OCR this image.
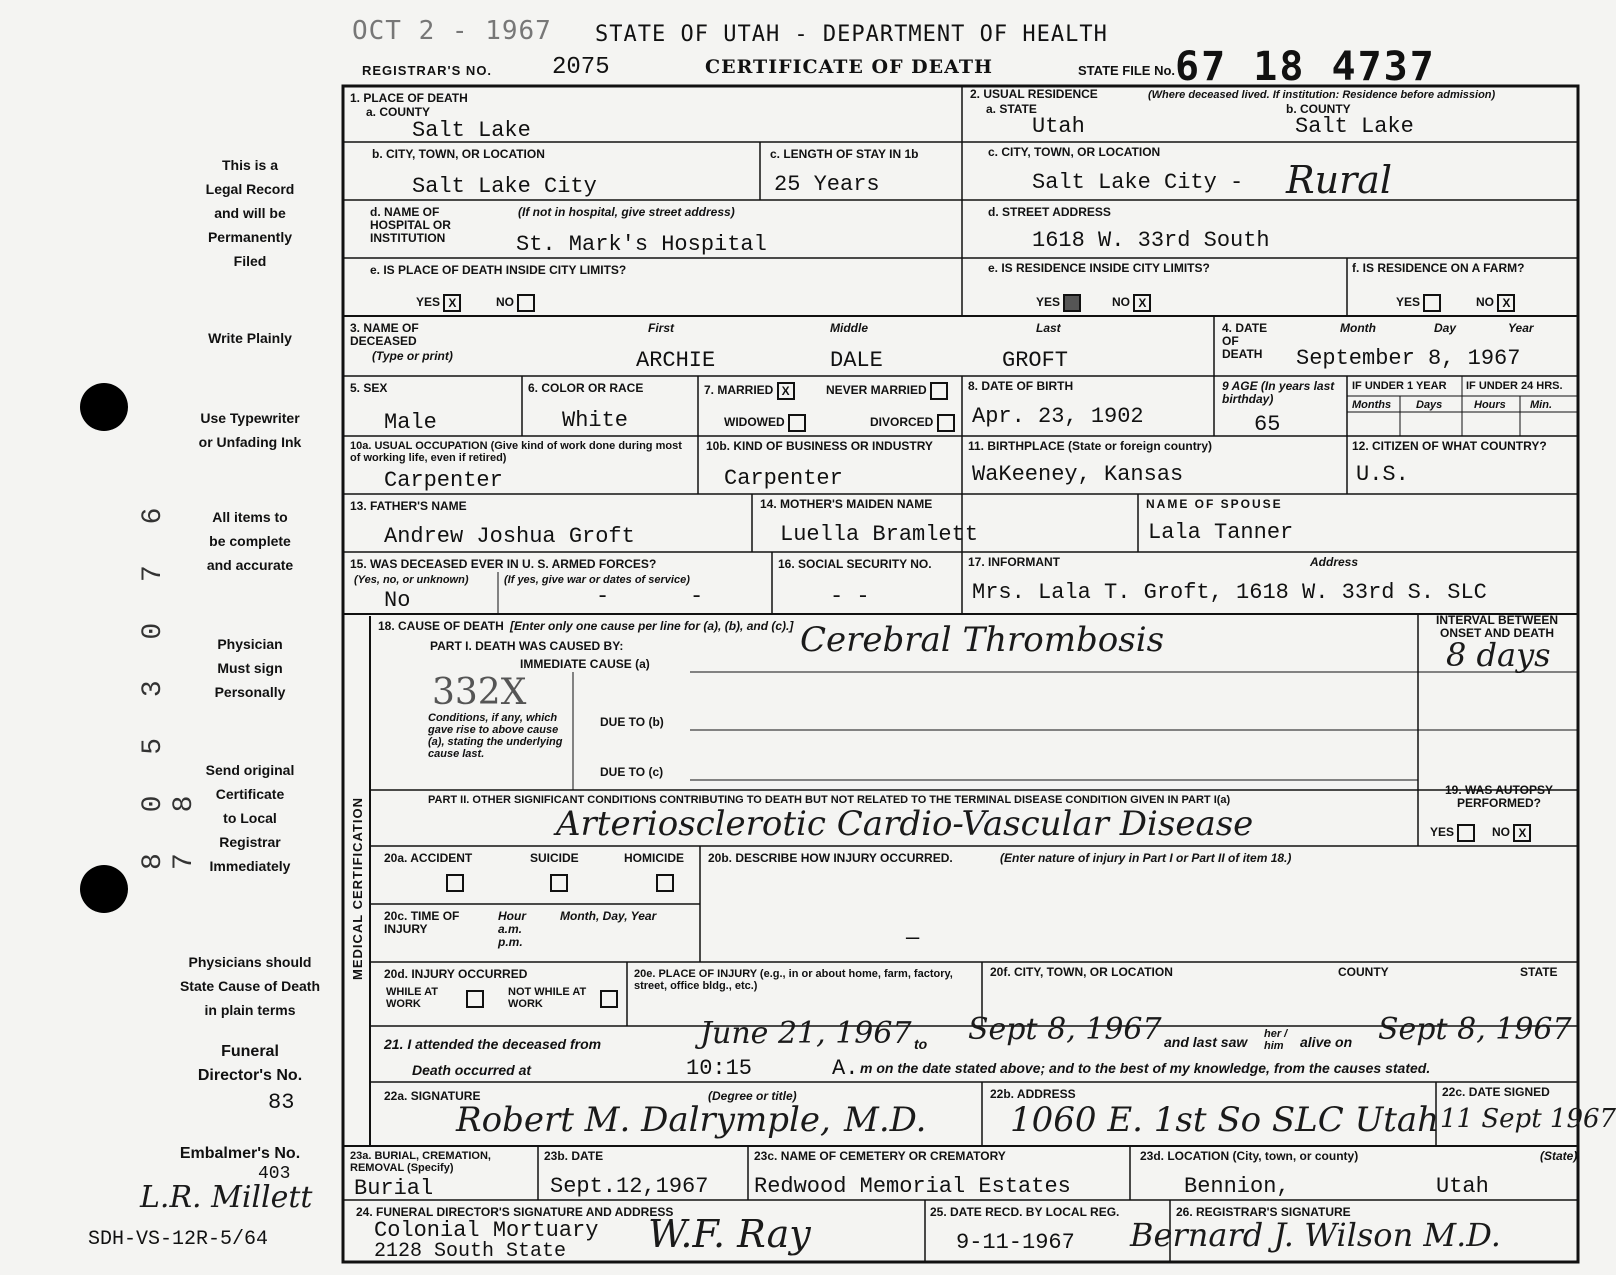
OCT 2 - 1967 STATE OF UTAH - DEPARTMENT OF HEALTH
REGISTRAR'S NO. 2075	CERTIFICATE OF DEATH	STATE FILE No. 67 18 4737
This is a
Legal Record
and will be
Permanently
Filed
Write Plainly
Use Typewriter
or Unfading Ink
All items to
be complete
and accurate
Physician
Must sign
Personally
Send original
Certificate
to Local
Registrar
Immediately
Physicians should
State Cause of Death
in plain terms
Funeral
Director's No.
83
Embalmer's No.
403
L.R. Millett
SDH-VS-12R-5/64
8 0 5 3 0 7 6 7 8	MEDICAL CERTIFICATION
1. PLACE OF DEATH
a. COUNTY
Salt Lake
b. CITY, TOWN, OR LOCATION
Salt Lake City
c. LENGTH OF STAY IN 1b
25 Years
d. NAME OF HOSPITAL OR INSTITUTION
(If not in hospital, give street address)
St. Mark's Hospital
e. IS PLACE OF DEATH INSIDE CITY LIMITS?
YES X	NO
2. USUAL RESIDENCE	(Where deceased lived. If institution: Residence before admission)
a. STATE
Utah
b. COUNTY
Salt Lake
c. CITY, TOWN, OR LOCATION
Salt Lake City - Rural
d. STREET ADDRESS
1618 W. 33rd South
e. IS RESIDENCE INSIDE CITY LIMITS?
YES	NO X
f. IS RESIDENCE ON A FARM?
YES	NO X
3. NAME OF DECEASED
(Type or print)
First	Middle	Last
ARCHIE	DALE	GROFT
4. DATE OF DEATH
Month	Day	Year
September 8, 1967
5. SEX
Male
6. COLOR OR RACE
White
7. MARRIED X	NEVER MARRIED
WIDOWED	DIVORCED
8. DATE OF BIRTH
Apr. 23, 1902
9 AGE (In years last birthday)
65
IF UNDER 1 YEAR IF UNDER 24 HRS.
Months Days	Hours Min.
10a. USUAL OCCUPATION (Give kind of work done during most of working life, even if retired)
Carpenter
10b. KIND OF BUSINESS OR INDUSTRY
Carpenter
11. BIRTHPLACE (State or foreign country)
WaKeeney, Kansas
12. CITIZEN OF WHAT COUNTRY?
U.S.
13. FATHER'S NAME
Andrew Joshua Groft
14. MOTHER'S MAIDEN NAME
Luella Bramlett
NAME OF SPOUSE
Lala Tanner
15. WAS DECEASED EVER IN U. S. ARMED FORCES?
(Yes, no, or unknown)	(If yes, give war or dates of service)
No	-	-
16. SOCIAL SECURITY NO.
- -
17. INFORMANT	Address
Mrs. Lala T. Groft, 1618 W. 33rd S. SLC
18. CAUSE OF DEATH [Enter only one cause per line for (a), (b), and (c).]
PART I. DEATH WAS CAUSED BY:
IMMEDIATE CAUSE (a)
Cerebral Thrombosis
332X
Conditions, if any, which gave rise to above cause (a), stating the underlying cause last.
DUE TO (b)
DUE TO (c)
INTERVAL BETWEEN ONSET AND DEATH
8 days
PART II. OTHER SIGNIFICANT CONDITIONS CONTRIBUTING TO DEATH BUT NOT RELATED TO THE TERMINAL DISEASE CONDITION GIVEN IN PART I(a)
Arteriosclerotic Cardio-Vascular Disease
19. WAS AUTOPSY PERFORMED?
YES	NO X
20a. ACCIDENT	SUICIDE	HOMICIDE 20b. DESCRIBE HOW INJURY OCCURRED.	(Enter nature of injury in Part I or Part II of item 18.)
—
20c. TIME OF INJURY
Hour a.m. p.m.
Month, Day, Year
20d. INJURY OCCURRED
WHILE AT WORK
NOT WHILE AT WORK
20e. PLACE OF INJURY (e.g., in or about home, farm, factory, street, office bldg., etc.)
20f. CITY, TOWN, OR LOCATION	COUNTY	STATE
21. I attended the deceased from	June 21, 1967 to Sept 8, 1967 and last saw her / him	alive on Sept 8, 1967
Death occurred at	10:15	A. m on the date stated above; and to the best of my knowledge, from the causes stated.
22a. SIGNATURE	(Degree or title)
Robert M. Dalrymple, M.D.
22b. ADDRESS
1060 E. 1st So SLC Utah
22c. DATE SIGNED
11 Sept 1967
23a. BURIAL, CREMATION, REMOVAL (Specify)
Burial
23b. DATE
Sept.12,1967
23c. NAME OF CEMETERY OR CREMATORY
Redwood Memorial Estates
23d. LOCATION (City, town, or county)	(State)
Bennion,	Utah
24. FUNERAL DIRECTOR'S SIGNATURE AND ADDRESS
Colonial Mortuary
2128 South State W.F. Ray	25. DATE RECD. BY LOCAL REG.
9-11-1967
26. REGISTRAR'S SIGNATURE
Bernard J. Wilson M.D.
